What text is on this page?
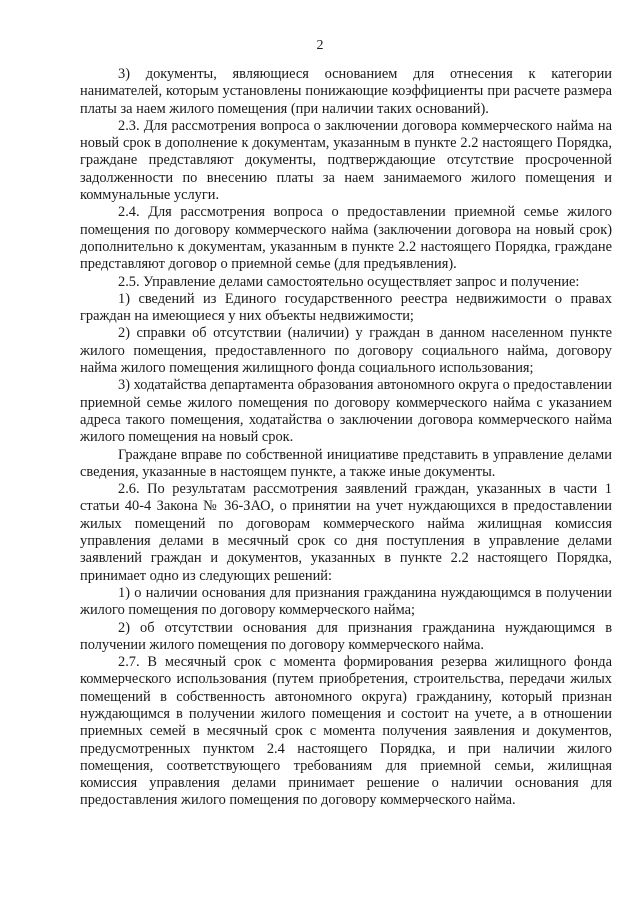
2

3) документы, являющиеся основанием для отнесения к категории нанимателей, которым установлены понижающие коэффициенты при расчете размера платы за наем жилого помещения (при наличии таких оснований).

2.3. Для рассмотрения вопроса о заключении договора коммерческого найма на новый срок в дополнение к документам, указанным в пункте 2.2 настоящего Порядка, граждане представляют документы, подтверждающие отсутствие просроченной задолженности по внесению платы за наем занимаемого жилого помещения и коммунальные услуги.

2.4. Для рассмотрения вопроса о предоставлении приемной семье жилого помещения по договору коммерческого найма (заключении договора на новый срок) дополнительно к документам, указанным в пункте 2.2 настоящего Порядка, граждане представляют договор о приемной семье (для предъявления).

2.5. Управление делами самостоятельно осуществляет запрос и получение:

1) сведений из Единого государственного реестра недвижимости о правах граждан на имеющиеся у них объекты недвижимости;

2) справки об отсутствии (наличии) у граждан в данном населенном пункте жилого помещения, предоставленного по договору социального найма, договору найма жилого помещения жилищного фонда социального использования;

3) ходатайства департамента образования автономного округа о предоставлении приемной семье жилого помещения по договору коммерческого найма с указанием адреса такого помещения, ходатайства о заключении договора коммерческого найма жилого помещения на новый срок.

Граждане вправе по собственной инициативе представить в управление делами сведения, указанные в настоящем пункте, а также иные документы.

2.6. По результатам рассмотрения заявлений граждан, указанных в части 1 статьи 40-4 Закона № 36-ЗАО, о принятии на учет нуждающихся в предоставлении жилых помещений по договорам коммерческого найма жилищная комиссия управления делами в месячный срок со дня поступления в управление делами заявлений граждан и документов, указанных в пункте 2.2 настоящего Порядка, принимает одно из следующих решений:

1) о наличии основания для признания гражданина нуждающимся в получении жилого помещения по договору коммерческого найма;

2) об отсутствии основания для признания гражданина нуждающимся в получении жилого помещения по договору коммерческого найма.

2.7. В месячный срок с момента формирования резерва жилищного фонда коммерческого использования (путем приобретения, строительства, передачи жилых помещений в собственность автономного округа) гражданину, который признан нуждающимся в получении жилого помещения и состоит на учете, а в отношении приемных семей в месячный срок с момента получения заявления и документов, предусмотренных пунктом 2.4 настоящего Порядка, и при наличии жилого помещения, соответствующего требованиям для приемной семьи, жилищная комиссия управления делами принимает решение о наличии основания для предоставления жилого помещения по договору коммерческого найма.
